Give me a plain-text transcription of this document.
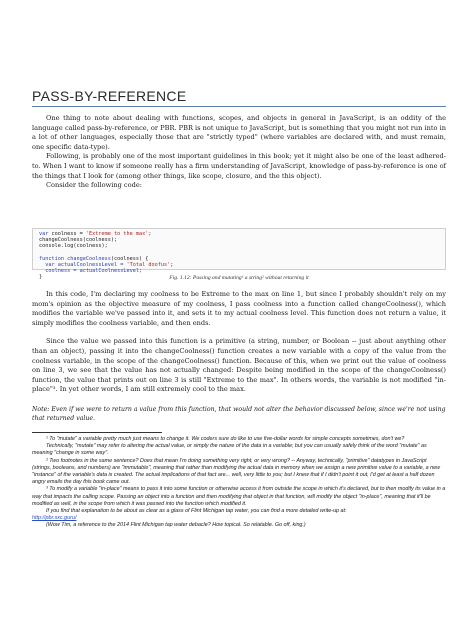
PASS-BY-REFERENCE

One thing to note about dealing with functions, scopes, and objects in general in JavaScript, is an oddity of the language called pass-by-reference, or PBR. PBR is not unique to JavaScript, but is something that you might not run into in a lot of other languages, especially those that are "strictly typed" (where variables are declared with, and must remain, one specific data-type).

Following, is probably one of the most important guidelines in this book; yet it might also be one of the least adhered-to. When I want to know if someone really has a firm understanding of JavaScript, knowledge of pass-by-reference is one of the things that I look for (among other things, like scope, closure, and the this object).

Consider the following code:

var coolness = 'Extreme to the max';
changeCoolness(coolness);
console.log(coolness);

function changeCoolness(coolness) {
var actualCoolnessLevel = 'Total doofus';
coolness = actualCoolnessLevel;
}	Fig. 1.12: Passing and mutating¹ a string² without returning it

In this code, I'm declaring my coolness to be Extreme to the max on line 1, but since I probably shouldn't rely on my mom's opinion as the objective measure of my coolness, I pass coolness into a function called changeCoolness(), which modifies the variable we've passed into it, and sets it to my actual coolness level. This function does not return a value, it simply modifies the coolness variable, and then ends.

Since the value we passed into this function is a primitive (a string, number, or Boolean -- just about anything other than an object), passing it into the changeCoolness() function creates a new variable with a copy of the value from the coolness variable, in the scope of the changeCoolness() function. Because of this, when we print out the value of coolness on line 3, we see that the value has not actually changed: Despite being modified in the scope of the changeCoolness() function, the value that prints out on line 3 is still "Extreme to the max". In others words, the variable is not modified "in-place"³. In yet other words, I am still extremely cool to the max.

Note: Even if we were to return a value from this function, that would not alter the behavior discussed below, since we're not using that returned value.

¹ To "mutate" a variable pretty much just means to change it. We coders sure do like to use five-dollar words for simple concepts sometimes, don't we?

Technically, "mutate" may refer to altering the actual value, or simply the nature of the data in a variable; but you can usually safely think of the word "mutate" as meaning "change in some way".

² Two footnotes in the same sentence? Does that mean I'm doing something very right, or very wrong? -- Anyway, technically, "primitive" datatypes in JavaScript (strings, booleans, and numbers) are "immutable", meaning that rather than modifying the actual data in memory when we assign a new primitive value to a variable, a new "instance" of the variable's data is created. The actual implications of that fact are... well, very little to you; but I knew that if I didn't point it out, I'd get at least a half dozen angry emails the day this book came out.

³ To modify a variable "in-place" means to pass it into some function or otherwise access it from outside the scope in which it's declared, but to then modify its value in a way that impacts the calling scope. Passing an object into a function and then modifying that object in that function, will modify the object "in-place", meaning that it'll be modified as well, in the scope from which it was passed into the function which modified it.

If you find that explanation to be about as clear as a glass of Flint Michigan tap water, you can find a more detailed write-up at:

http://pbr.sxc.guru/

(Wow Tim, a reference to the 2014 Flint Michigan tap water debacle? How topical. So relatable. Go off, king.)
